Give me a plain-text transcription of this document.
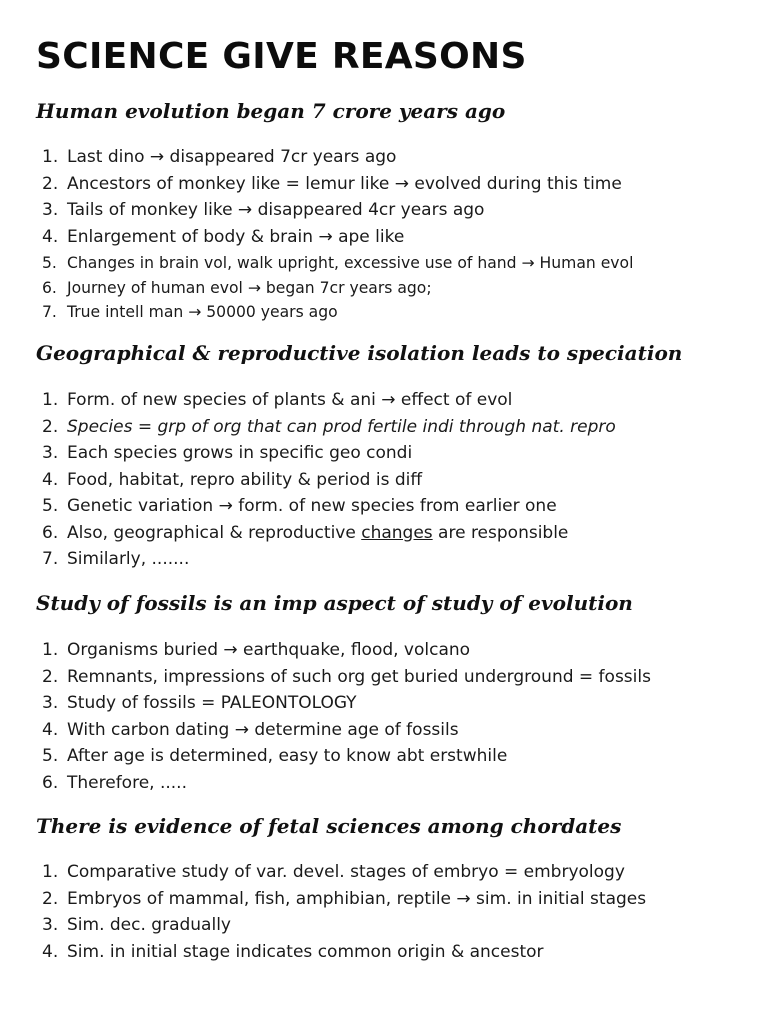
SCIENCE GIVE REASONS
Human evolution began 7 crore years ago
1. Last dino → disappeared 7cr years ago
2. Ancestors of monkey like = lemur like → evolved during this time
3. Tails of monkey like → disappeared 4cr years ago
4. Enlargement of body & brain → ape like
5. Changes in brain vol, walk upright, excessive use of hand → Human evol
6. Journey of human evol → began 7cr years ago;
7. True intell man → 50000 years ago
Geographical & reproductive isolation leads to speciation
1. Form. of new species of plants & ani → effect of evol
2. Species = grp of org that can prod fertile indi through nat. repro
3. Each species grows in specific geo condi
4. Food, habitat, repro ability & period is diff
5. Genetic variation → form. of new species from earlier one
6. Also, geographical & reproductive changes are responsible
7. Similarly, .......
Study of fossils is an imp aspect of study of evolution
1. Organisms buried → earthquake, flood, volcano
2. Remnants, impressions of such org get buried underground = fossils
3. Study of fossils = PALEONTOLOGY
4. With carbon dating → determine age of fossils
5. After age is determined, easy to know abt erstwhile
6. Therefore, .....
There is evidence of fetal sciences among chordates
1. Comparative study of var. devel. stages of embryo = embryology
2. Embryos of mammal, fish, amphibian, reptile → sim. in initial stages
3. Sim. dec. gradually
4. Sim. in initial stage indicates common origin & ancestor
